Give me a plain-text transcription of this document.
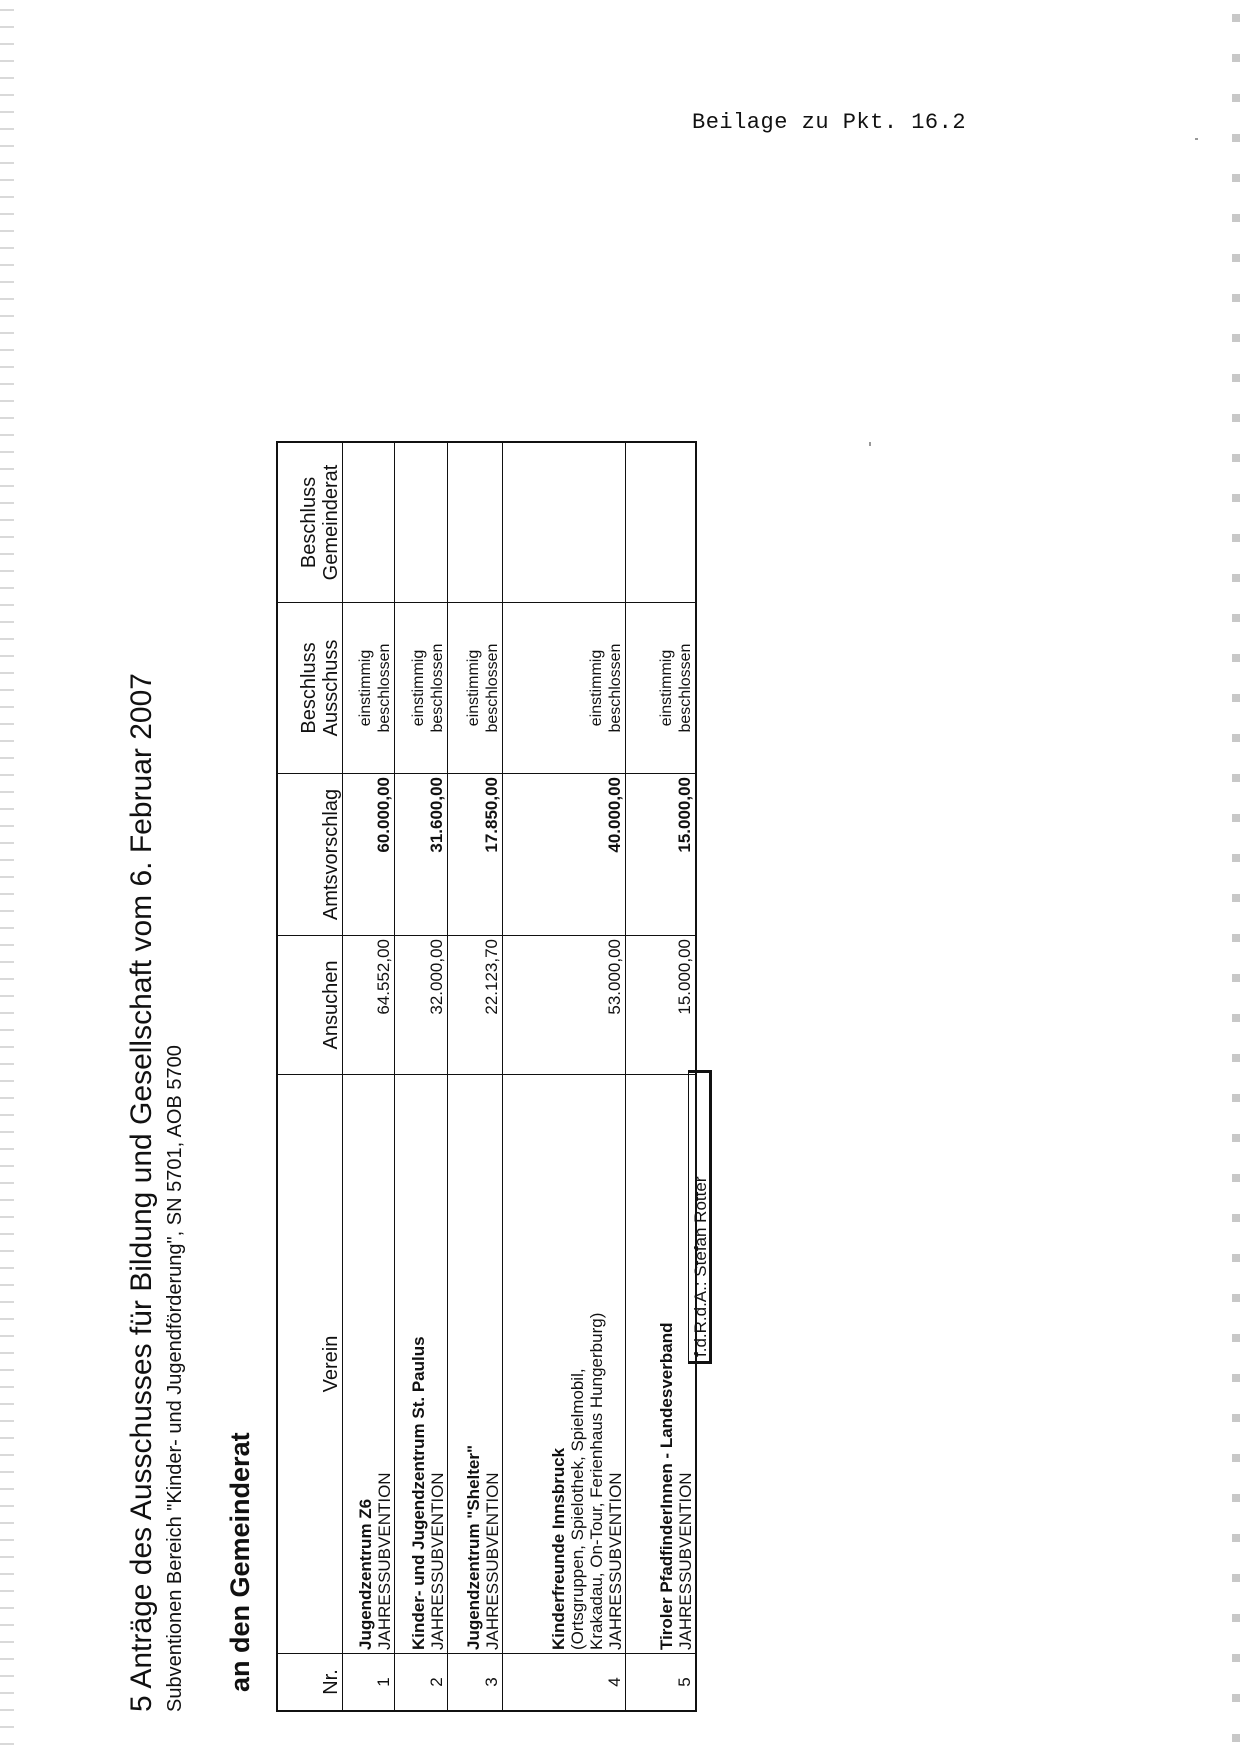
Beilage zu Pkt. 16.2
5 Anträge des Ausschusses für Bildung und Gesellschaft vom 6. Februar 2007 Subventionen Bereich "Kinder- und Jugendförderung", SN 5701, AOB 5700 an den Gemeinderat	Nr.	Verein	Ansuchen	Amtsvorschlag	Beschluss Ausschuss	Beschluss Gemeinderat

1	Jugendzentrum Z6 JAHRESSUBVENTION	64.552,00	60.000,00	einstimmig beschlossen	

2	Kinder- und Jugendzentrum St. Paulus JAHRESSUBVENTION	32.000,00	31.600,00	einstimmig beschlossen	

3	Jugendzentrum "Shelter" JAHRESSUBVENTION	22.123,70	17.850,00	einstimmig beschlossen	

4	Kinderfreunde Innsbruck (Ortsgruppen, Spielothek, Spielmobil, Krakadau, On-Tour, Ferienhaus Hungerburg) JAHRESSUBVENTION	53.000,00	40.000,00	einstimmig beschlossen	

5	Tiroler PfadfinderInnen - Landesverband JAHRESSUBVENTION	15.000,00	15.000,00	einstimmig beschlossen	

f.d.R.d.A.: Stefan Rotter
